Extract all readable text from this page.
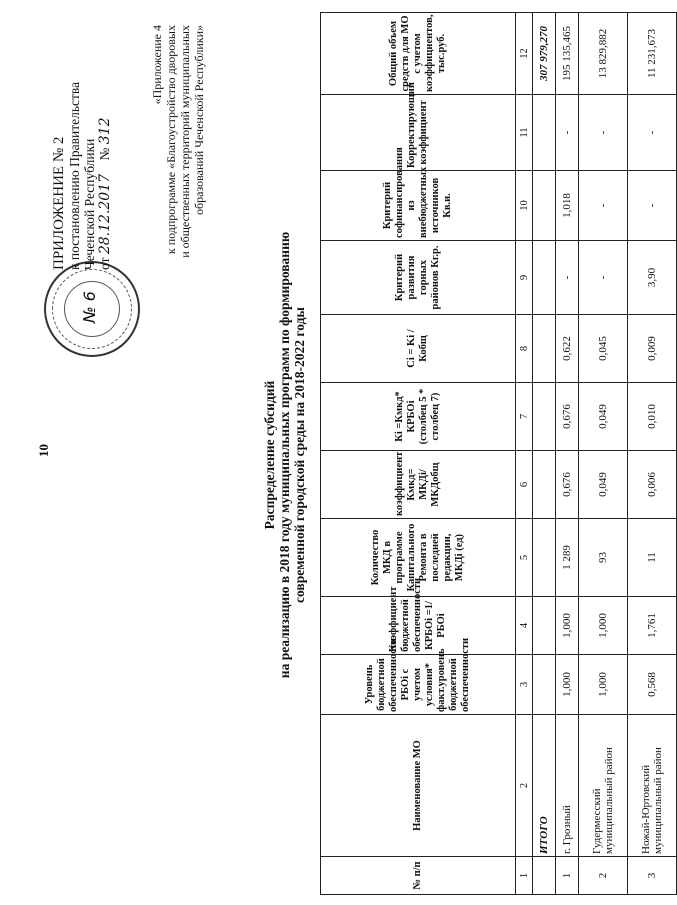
10
№ 6
ПРИЛОЖЕНИЕ № 2 к постановлению Правительства Чеченской Республики от 28.12.2017    № 312
«Приложение 4 к подпрограмме «Благоустройство дворовых и общественных территорий муниципальных образований Чеченской Республики»
Распределение субсидий на реализацию в 2018 году муниципальных программ по формированию современной городской среды на 2018-2022 годы
№ п/п	Наименование МО	Уровень бюджетной обеспеченности РБОi с учетом условия* факт.уровень бюджетной обеспеченности	Коэффициент бюджетной обеспеченности КРБОi =1/РБОi	Количество МКД в программе Капитального Ремонта в последней редакции, МКДi (ед)	коэффициент Кмкд= МКДi/ МКДобщ	Кi =Кмкд* КРБОi (столбец 5 * столбец 7)	Ci = Ki / Кобщ	Критерий развития горных районов Кг.р.	Критерий софинансирования из внебюджетных источников Кв.и.	Корректирующий коэффициент	Общий объем средств для МО с учетом коэффициентов, тыс.руб.
1	2	3	4	5	6	7	8	9	10	11	12
	ИТОГО										307 979,270
1	г. Грозный	1,000	1,000	1 289	0,676	0,676	0,622	-	1,018	-	195 135,465
2	Гудермесский муниципальный район	1,000	1,000	93	0,049	0,049	0,045	-	-	-	13 829,882
3	Ножай-Юртовский муниципальный район	0,568	1,761	11	0,006	0,010	0,009	3,90	-	-	11 231,673
